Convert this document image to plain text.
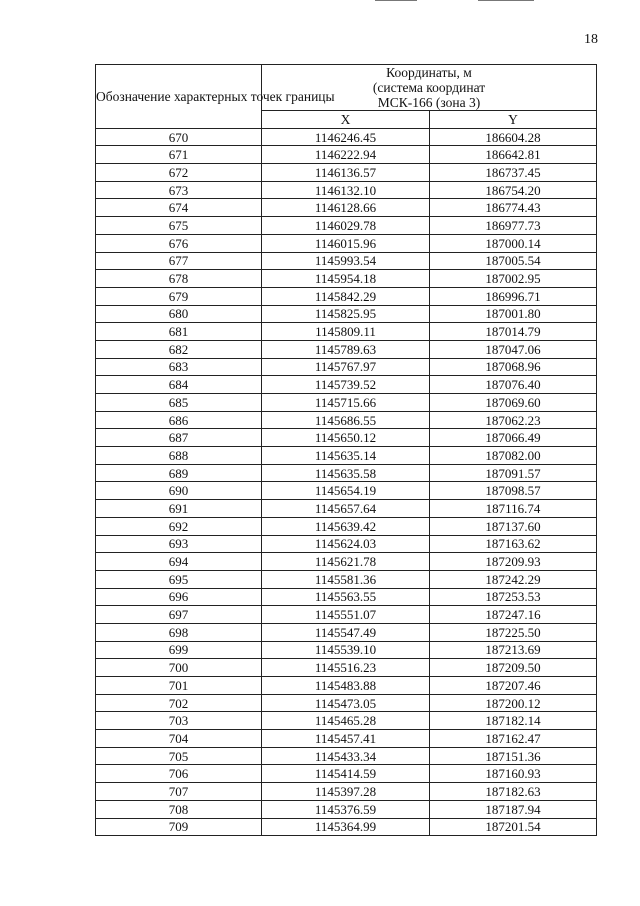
18
Обозначение характерных точек границы	Координаты, м
(система координат
МСК-166 (зона 3)	

	X	Y
670	1146246.45	186604.28
671	1146222.94	186642.81
672	1146136.57	186737.45
673	1146132.10	186754.20
674	1146128.66	186774.43
675	1146029.78	186977.73
676	1146015.96	187000.14
677	1145993.54	187005.54
678	1145954.18	187002.95
679	1145842.29	186996.71
680	1145825.95	187001.80
681	1145809.11	187014.79
682	1145789.63	187047.06
683	1145767.97	187068.96
684	1145739.52	187076.40
685	1145715.66	187069.60
686	1145686.55	187062.23
687	1145650.12	187066.49
688	1145635.14	187082.00
689	1145635.58	187091.57
690	1145654.19	187098.57
691	1145657.64	187116.74
692	1145639.42	187137.60
693	1145624.03	187163.62
694	1145621.78	187209.93
695	1145581.36	187242.29
696	1145563.55	187253.53
697	1145551.07	187247.16
698	1145547.49	187225.50
699	1145539.10	187213.69
700	1145516.23	187209.50
701	1145483.88	187207.46
702	1145473.05	187200.12
703	1145465.28	187182.14
704	1145457.41	187162.47
705	1145433.34	187151.36
706	1145414.59	187160.93
707	1145397.28	187182.63
708	1145376.59	187187.94
709	1145364.99	187201.54
